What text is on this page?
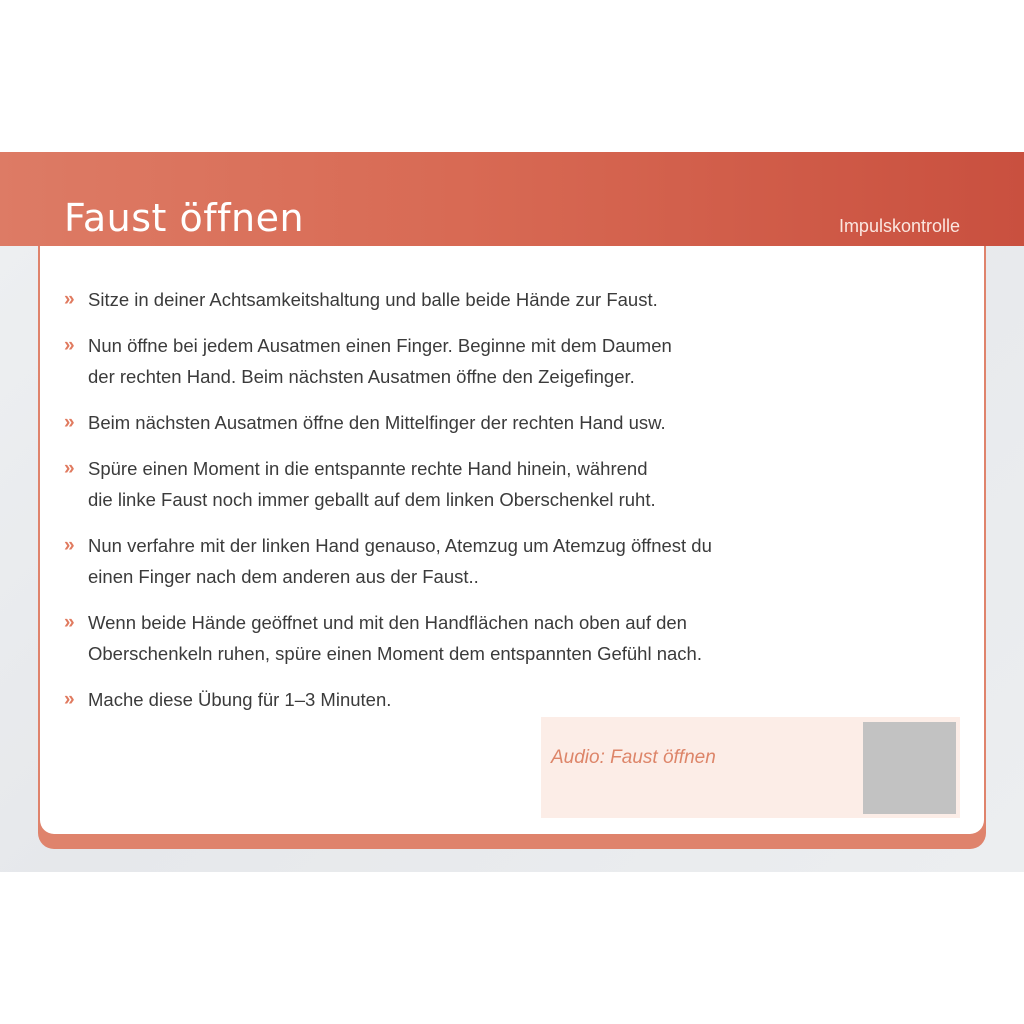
Faust öffnen	Impulskontrolle
» Sitze in deiner Achtsamkeitshaltung und balle beide Hände zur Faust.
» Nun öffne bei jedem Ausatmen einen Finger. Beginne mit dem Daumen
der rechten Hand. Beim nächsten Ausatmen öffne den Zeigefinger.
» Beim nächsten Ausatmen öffne den Mittelfinger der rechten Hand usw.
» Spüre einen Moment in die entspannte rechte Hand hinein, während
die linke Faust noch immer geballt auf dem linken Oberschenkel ruht.
» Nun verfahre mit der linken Hand genauso, Atemzug um Atemzug öffnest du
einen Finger nach dem anderen aus der Faust..
» Wenn beide Hände geöffnet und mit den Handflächen nach oben auf den
Oberschenkeln ruhen, spüre einen Moment dem entspannten Gefühl nach.
» Mache diese Übung für 1–3 Minuten.
Audio: Faust öffnen
